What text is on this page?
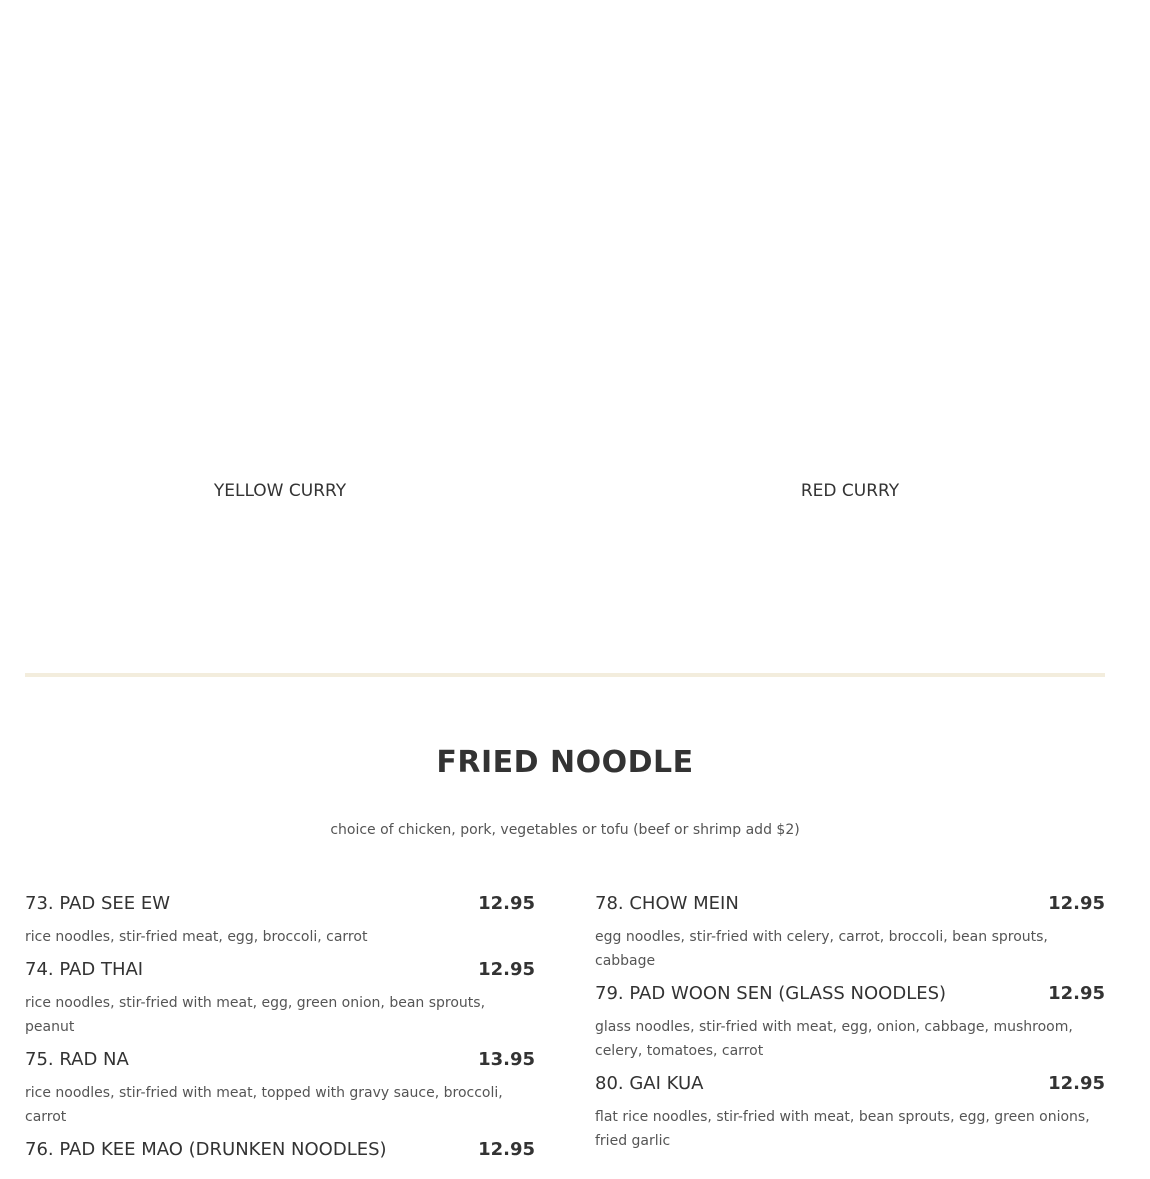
YELLOW CURRY	RED CURRY
FRIED NOODLE
choice of chicken, pork, vegetables or tofu (beef or shrimp add $2)
73. PAD SEE EW	12.95
rice noodles, stir-fried meat, egg, broccoli, carrot
74. PAD THAI	12.95
rice noodles, stir-fried with meat, egg, green onion, bean sprouts, peanut
75. RAD NA	13.95
rice noodles, stir-fried with meat, topped with gravy sauce, broccoli, carrot
76. PAD KEE MAO (DRUNKEN NOODLES)	12.95
78. CHOW MEIN	12.95
egg noodles, stir-fried with celery, carrot, broccoli, bean sprouts, cabbage
79. PAD WOON SEN (GLASS NOODLES)	12.95
glass noodles, stir-fried with meat, egg, onion, cabbage, mushroom, celery, tomatoes, carrot
80. GAI KUA	12.95
flat rice noodles, stir-fried with meat, bean sprouts, egg, green onions, fried garlic
